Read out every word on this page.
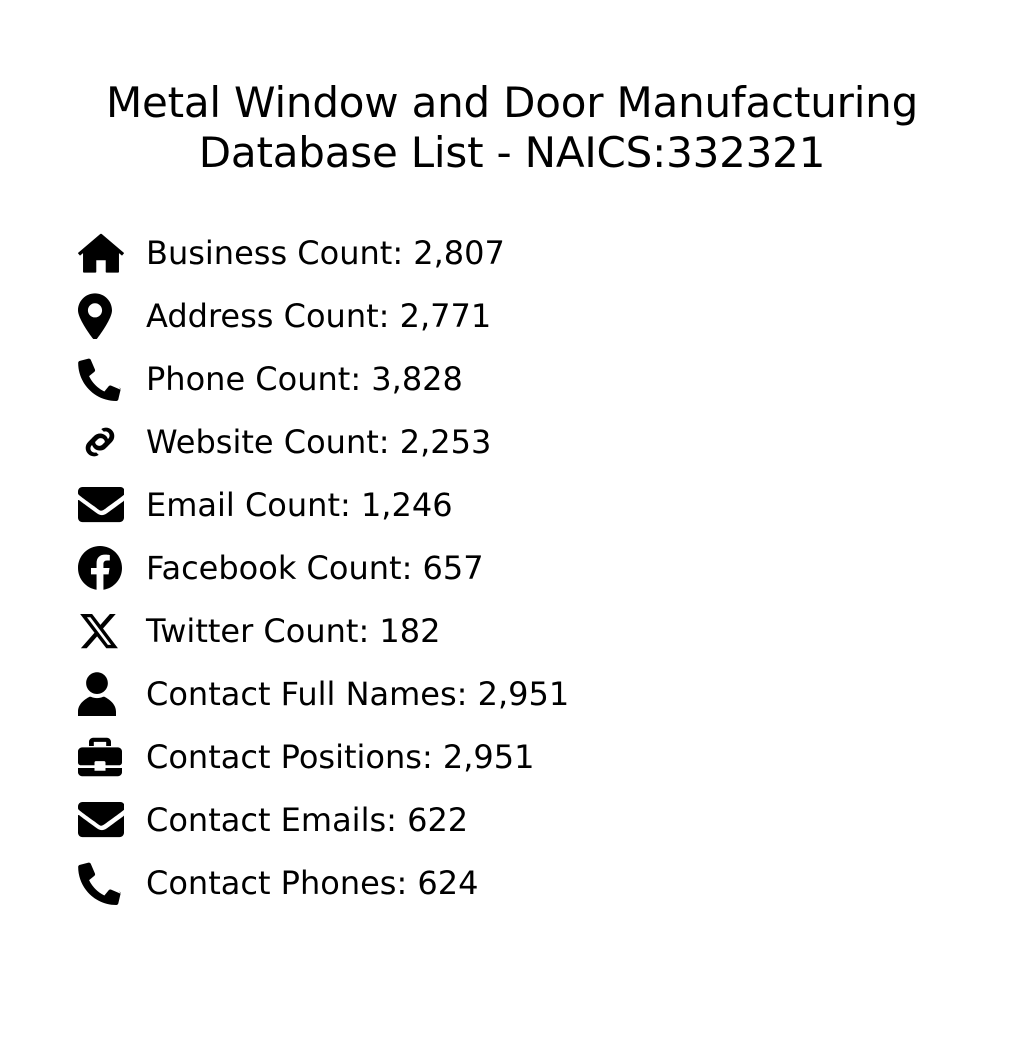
Metal Window and Door Manufacturing Database List - NAICS:332321
Business Count: 2,807
Address Count: 2,771
Phone Count: 3,828
Website Count: 2,253
Email Count: 1,246
Facebook Count: 657
Twitter Count: 182
Contact Full Names: 2,951
Contact Positions: 2,951
Contact Emails: 622
Contact Phones: 624
